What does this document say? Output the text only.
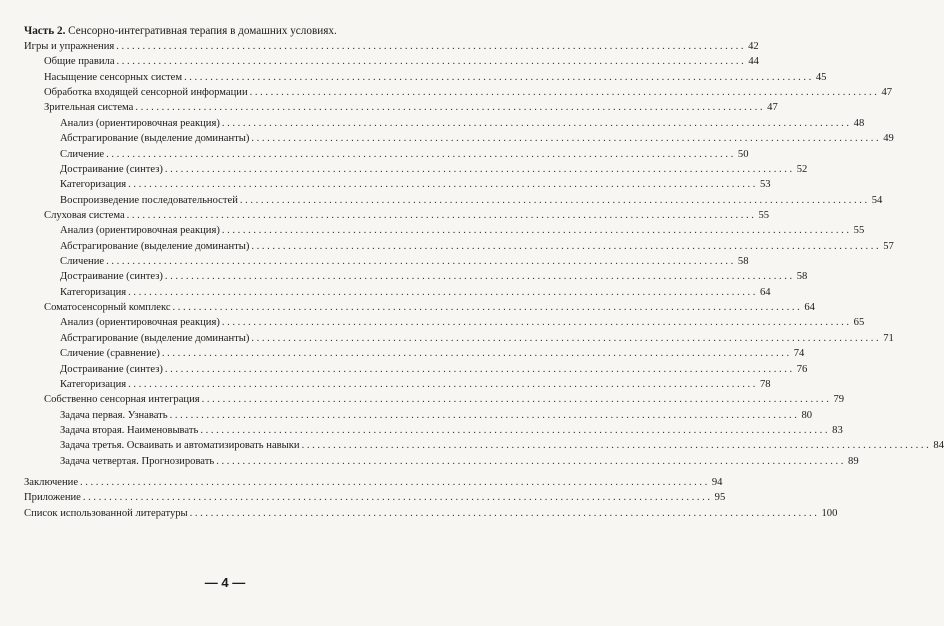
Часть 2. Сенсорно-интегративная терапия в домашних условиях.
Игры и упражнения ........................................................................................................................ 42
Общие правила ........................................................................................................................ 44
Насыщение сенсорных систем ........................................................................................................................ 45
Обработка входящей сенсорной информации ........................................................................................................................ 47
Зрительная система ........................................................................................................................ 47
Анализ (ориентировочная реакция) ........................................................................................................................ 48
Абстрагирование (выделение доминанты) ........................................................................................................................ 49
Сличение ........................................................................................................................ 50
Достраивание (синтез) ........................................................................................................................ 52
Категоризация ........................................................................................................................ 53
Воспроизведение последовательностей ........................................................................................................................ 54
Слуховая система ........................................................................................................................ 55
Анализ (ориентировочная реакция) ........................................................................................................................ 55
Абстрагирование (выделение доминанты) ........................................................................................................................ 57
Сличение ........................................................................................................................ 58
Достраивание (синтез) ........................................................................................................................ 58
Категоризация ........................................................................................................................ 64
Соматосенсорный комплекс ........................................................................................................................ 64
Анализ (ориентировочная реакция) ........................................................................................................................ 65
Абстрагирование (выделение доминанты) ........................................................................................................................ 71
Сличение (сравнение) ........................................................................................................................ 74
Достраивание (синтез) ........................................................................................................................ 76
Категоризация ........................................................................................................................ 78
Собственно сенсорная интеграция ........................................................................................................................ 79
Задача первая. Узнавать ........................................................................................................................ 80
Задача вторая. Наименовывать ........................................................................................................................ 83
Задача третья. Осваивать и автоматизировать навыки ........................................................................................................................ 84
Задача четвертая. Прогнозировать ........................................................................................................................ 89
Заключение ........................................................................................................................ 94
Приложение ........................................................................................................................ 95
Список использованной литературы ........................................................................................................................ 100
— 4 —
